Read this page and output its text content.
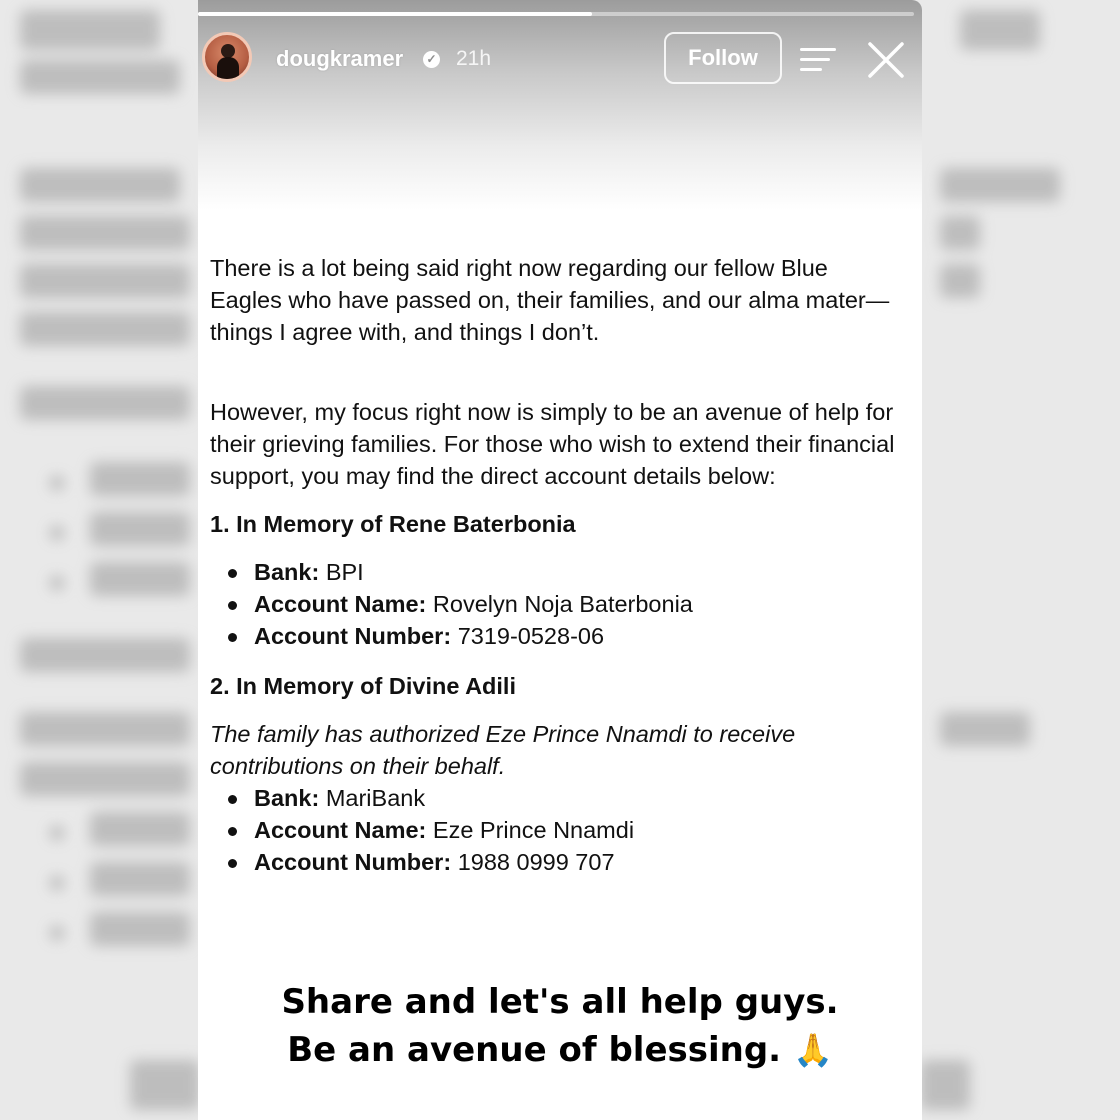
dougkramer ✓ 21h	Follow

There is a lot being said right now regarding our fellow Blue Eagles who have passed on, their families, and our alma mater—things I agree with, and things I don’t.

However, my focus right now is simply to be an avenue of help for their grieving families. For those who wish to extend their financial support, you may find the direct account details below:

1. In Memory of Rene Baterbonia

Bank: BPI
Account Name: Rovelyn Noja Baterbonia
Account Number: 7319-0528-06

2. In Memory of Divine Adili

The family has authorized Eze Prince Nnamdi to receive contributions on their behalf.

Bank: MariBank
Account Name: Eze Prince Nnamdi
Account Number: 1988 0999 707
Share and let's all help guys.
Be an avenue of blessing. 🙏
